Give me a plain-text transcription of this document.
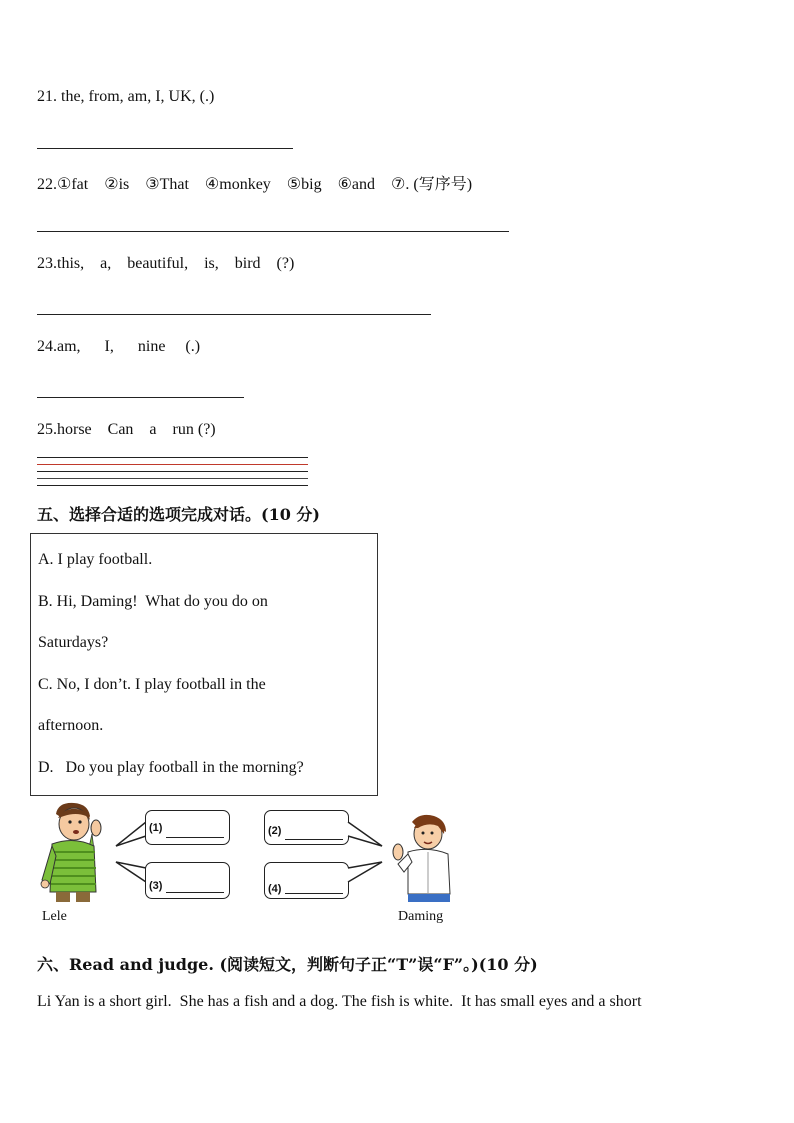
21. the, from, am, I, UK, (.)
22.①fat    ②is    ③That    ④monkey    ⑤big    ⑥and    ⑦. (写序号)
23.this,    a,    beautiful,    is,    bird    (?)
24.am,      I,      nine     (.)
25.horse    Can    a    run (?)
五、选择合适的选项完成对话。(10 分)
A. I play football.
B. Hi, Daming!  What do you do on
Saturdays?
C. No, I don’t. I play football in the
afternoon.
D.   Do you play football in the morning?
Lele
(1)
(3)
(2)
(4)
Daming
六、Read and judge. (阅读短文，判断句子正“T”误“F”。)(10 分)
Li Yan is a short girl.  She has a fish and a dog. The fish is white.  It has small eyes and a short
